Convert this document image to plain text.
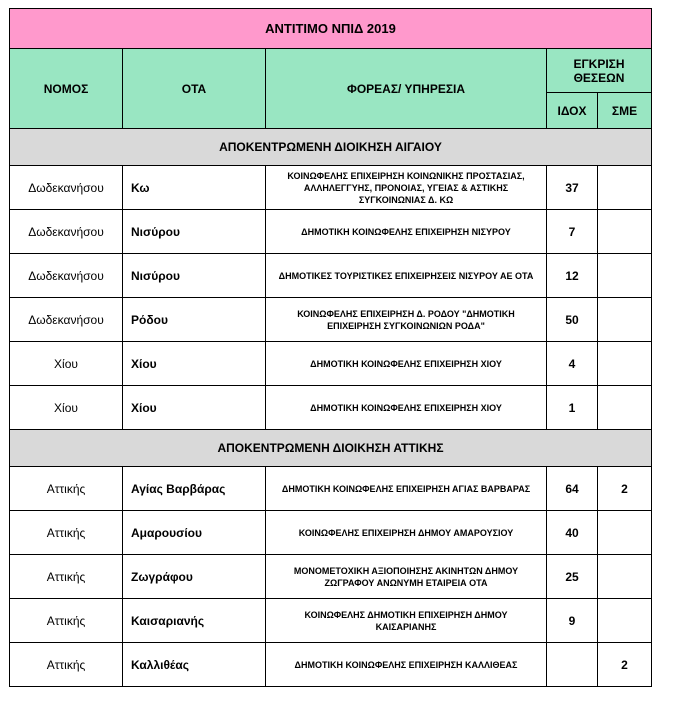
ΑΝΤΙΤΙΜΟ ΝΠΙΔ 2019				
ΝΟΜΟΣ	ΟΤΑ	ΦΟΡΕΑΣ/ ΥΠΗΡΕΣΙΑ	ΕΓΚΡΙΣΗ ΘΕΣΕΩΝ	
			ΙΔΟΧ	ΣΜΕ
ΑΠΟΚΕΝΤΡΩΜΕΝΗ ΔΙΟΙΚΗΣΗ ΑΙΓΑΙΟΥ				
Δωδεκανήσου	Κω	ΚΟΙΝΩΦΕΛΗΣ ΕΠΙΧΕΙΡΗΣΗ ΚΟΙΝΩΝΙΚΗΣ ΠΡΟΣΤΑΣΙΑΣ, ΑΛΛΗΛΕΓΓΥΗΣ, ΠΡΟΝΟΙΑΣ, ΥΓΕΙΑΣ & ΑΣΤΙΚΗΣ ΣΥΓΚΟΙΝΩΝΙΑΣ Δ. ΚΩ	37	
Δωδεκανήσου	Νισύρου	ΔΗΜΟΤΙΚΗ ΚΟΙΝΩΦΕΛΗΣ ΕΠΙΧΕΙΡΗΣΗ ΝΙΣΥΡΟΥ	7	
Δωδεκανήσου	Νισύρου	ΔΗΜΟΤΙΚΕΣ ΤΟΥΡΙΣΤΙΚΕΣ ΕΠΙΧΕΙΡΗΣΕΙΣ ΝΙΣΥΡΟΥ ΑΕ ΟΤΑ	12	
Δωδεκανήσου	Ρόδου	ΚΟΙΝΩΦΕΛΗΣ ΕΠΙΧΕΙΡΗΣΗ Δ. ΡΟΔΟΥ "ΔΗΜΟΤΙΚΗ ΕΠΙΧΕΙΡΗΣΗ ΣΥΓΚΟΙΝΩΝΙΩΝ ΡΟΔΑ"	50	
Χίου	Χίου	ΔΗΜΟΤΙΚΗ ΚΟΙΝΩΦΕΛΗΣ ΕΠΙΧΕΙΡΗΣΗ ΧΙΟΥ	4	
Χίου	Χίου	ΔΗΜΟΤΙΚΗ ΚΟΙΝΩΦΕΛΗΣ ΕΠΙΧΕΙΡΗΣΗ ΧΙΟΥ	1	
ΑΠΟΚΕΝΤΡΩΜΕΝΗ ΔΙΟΙΚΗΣΗ ΑΤΤΙΚΗΣ				
Αττικής	Αγίας Βαρβάρας	ΔΗΜΟΤΙΚΗ ΚΟΙΝΩΦΕΛΗΣ ΕΠΙΧΕΙΡΗΣΗ ΑΓΙΑΣ ΒΑΡΒΑΡΑΣ	64	2
Αττικής	Αμαρουσίου	ΚΟΙΝΩΦΕΛΗΣ ΕΠΙΧΕΙΡΗΣΗ ΔΗΜΟΥ ΑΜΑΡΟΥΣΙΟΥ	40	
Αττικής	Ζωγράφου	ΜΟΝΟΜΕΤΟΧΙΚΗ ΑΞΙΟΠΟΙΗΣΗΣ ΑΚΙΝΗΤΩΝ ΔΗΜΟΥ ΖΩΓΡΑΦΟΥ ΑΝΩΝΥΜΗ ΕΤΑΙΡΕΙΑ ΟΤΑ	25	
Αττικής	Καισαριανής	ΚΟΙΝΩΦΕΛΗΣ ΔΗΜΟΤΙΚΗ ΕΠΙΧΕΙΡΗΣΗ ΔΗΜΟΥ ΚΑΙΣΑΡΙΑΝΗΣ	9	
Αττικής	Καλλιθέας	ΔΗΜΟΤΙΚΗ ΚΟΙΝΩΦΕΛΗΣ ΕΠΙΧΕΙΡΗΣΗ ΚΑΛΛΙΘΕΑΣ		2
